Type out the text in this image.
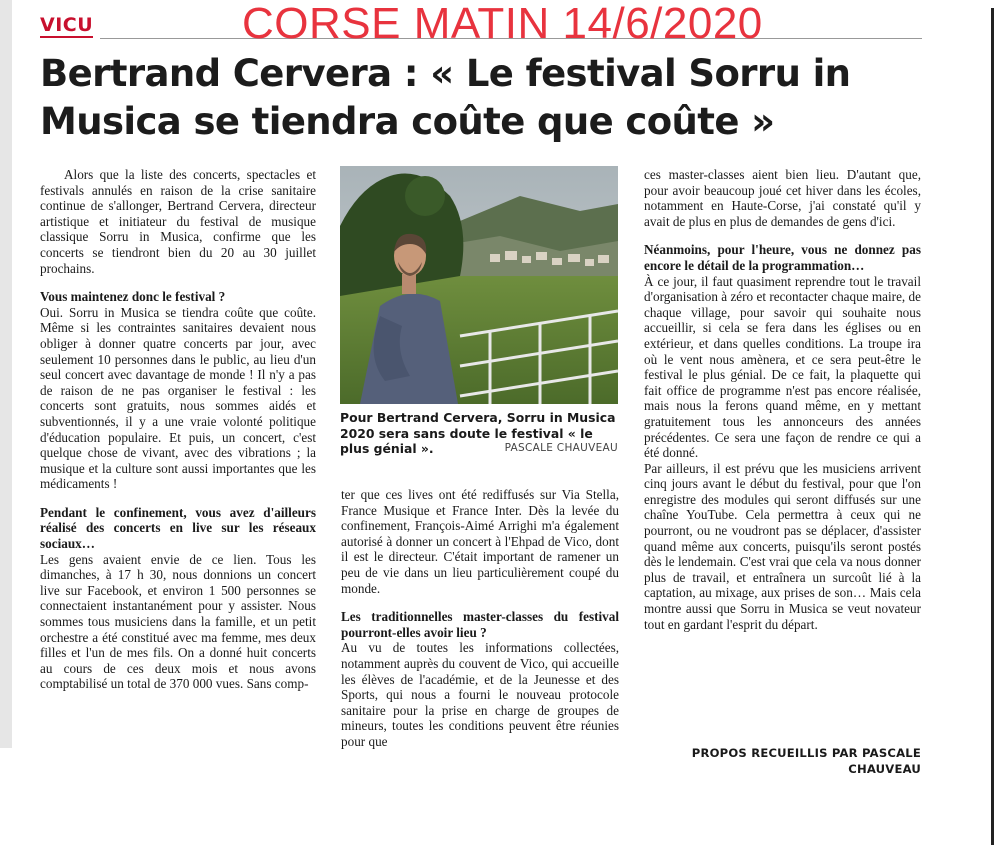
VICU	CORSE MATIN 14/6/2020
Bertrand Cervera : « Le festival Sorru in Musica se tiendra coûte que coûte »

Alors que la liste des concerts, spectacles et festivals annulés en raison de la crise sanitaire continue de s'allonger, Bertrand Cervera, directeur artistique et initiateur du festival de musique classique Sorru in Musica, confirme que les concerts se tiendront bien du 20 au 30 juillet prochains.

Vous maintenez donc le festival ?

Oui. Sorru in Musica se tiendra coûte que coûte. Même si les contraintes sanitaires devaient nous obliger à donner quatre concerts par jour, avec seulement 10 personnes dans le public, au lieu d'un seul concert avec davantage de monde ! Il n'y a pas de raison de ne pas organiser le festival : les concerts sont gratuits, nous sommes aidés et subventionnés, il y a une vraie volonté politique d'éducation populaire. Et puis, un concert, c'est quelque chose de vivant, avec des vibrations ; la musique et la culture sont aussi importantes que les médicaments !

Pendant le confinement, vous avez d'ailleurs réalisé des concerts en live sur les réseaux sociaux…

Les gens avaient envie de ce lien. Tous les dimanches, à 17 h 30, nous donnions un concert live sur Facebook, et environ 1 500 personnes se connectaient instantanément pour y assister. Nous sommes tous musiciens dans la famille, et un petit orchestre a été constitué avec ma femme, mes deux filles et l'un de mes fils. On a donné huit concerts au cours de ces deux mois et nous avons comptabilisé un total de 370 000 vues. Sans comp-

Pour Bertrand Cervera, Sorru in Musica 2020 sera sans doute le festival « le plus génial ».	PASCALE CHAUVEAU

ter que ces lives ont été rediffusés sur Via Stella, France Musique et France Inter. Dès la levée du confinement, François-Aimé Arrighi m'a également autorisé à donner un concert à l'Ehpad de Vico, dont il est le directeur. C'était important de ramener un peu de vie dans un lieu particulièrement coupé du monde.

Les traditionnelles master-classes du festival pourront-elles avoir lieu ?

Au vu de toutes les informations collectées, notamment auprès du couvent de Vico, qui accueille les élèves de l'académie, et de la Jeunesse et des Sports, qui nous a fourni le nouveau protocole sanitaire pour la prise en charge de groupes de mineurs, toutes les conditions peuvent être réunies pour que

ces master-classes aient bien lieu. D'autant que, pour avoir beaucoup joué cet hiver dans les écoles, notamment en Haute-Corse, j'ai constaté qu'il y avait de plus en plus de demandes de gens d'ici.

Néanmoins, pour l'heure, vous ne donnez pas encore le détail de la programmation…

À ce jour, il faut quasiment reprendre tout le travail d'organisation à zéro et recontacter chaque maire, de chaque village, pour savoir qui souhaite nous accueillir, si cela se fera dans les églises ou en extérieur, et dans quelles conditions. La troupe ira où le vent nous amènera, et ce sera peut-être le festival le plus génial. De ce fait, la plaquette qui fait office de programme n'est pas encore réalisée, mais nous la ferons quand même, en y mettant gratuitement tous les annonceurs des années précédentes. Ce sera une façon de rendre ce qui a été donné.

Par ailleurs, il est prévu que les musiciens arrivent cinq jours avant le début du festival, pour que l'on enregistre des modules qui seront diffusés sur une chaîne YouTube. Cela permettra à ceux qui ne pourront, ou ne voudront pas se déplacer, d'assister quand même aux concerts, puisqu'ils seront postés dès le lendemain. C'est vrai que cela va nous donner plus de travail, et entraînera un surcoût lié à la captation, au mixage, aux prises de son… Mais cela montre aussi que Sorru in Musica se veut novateur tout en gardant l'esprit du départ.

PROPOS RECUEILLIS PAR PASCALE CHAUVEAU
